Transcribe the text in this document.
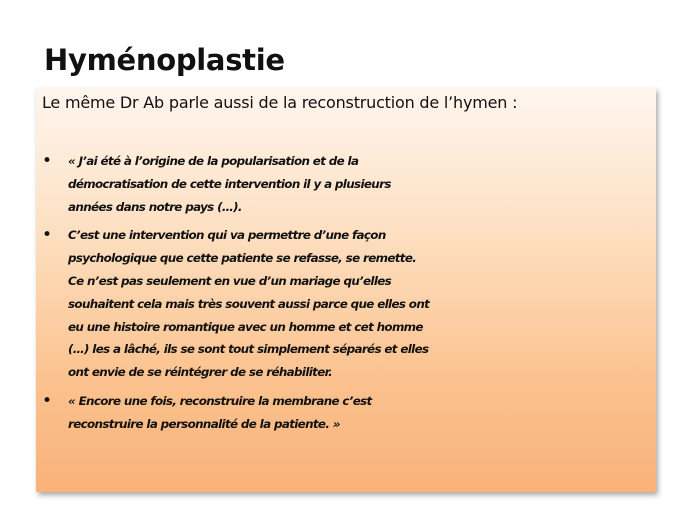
Hyménoplastie

Le même Dr Ab parle aussi de la reconstruction de l’hymen :

• « J’ai été à l’origine de la popularisation et de la
démocratisation de cette intervention il y a plusieurs
années dans notre pays (…).
• C’est une intervention qui va permettre d’une façon
psychologique que cette patiente se refasse, se remette.
Ce n’est pas seulement en vue d’un mariage qu’elles
souhaitent cela mais très souvent aussi parce que elles ont
eu une histoire romantique avec un homme et cet homme
(…) les a lâché, ils se sont tout simplement séparés et elles
ont envie de se réintégrer de se réhabiliter.
• « Encore une fois, reconstruire la membrane c’est
reconstruire la personnalité de la patiente. »
